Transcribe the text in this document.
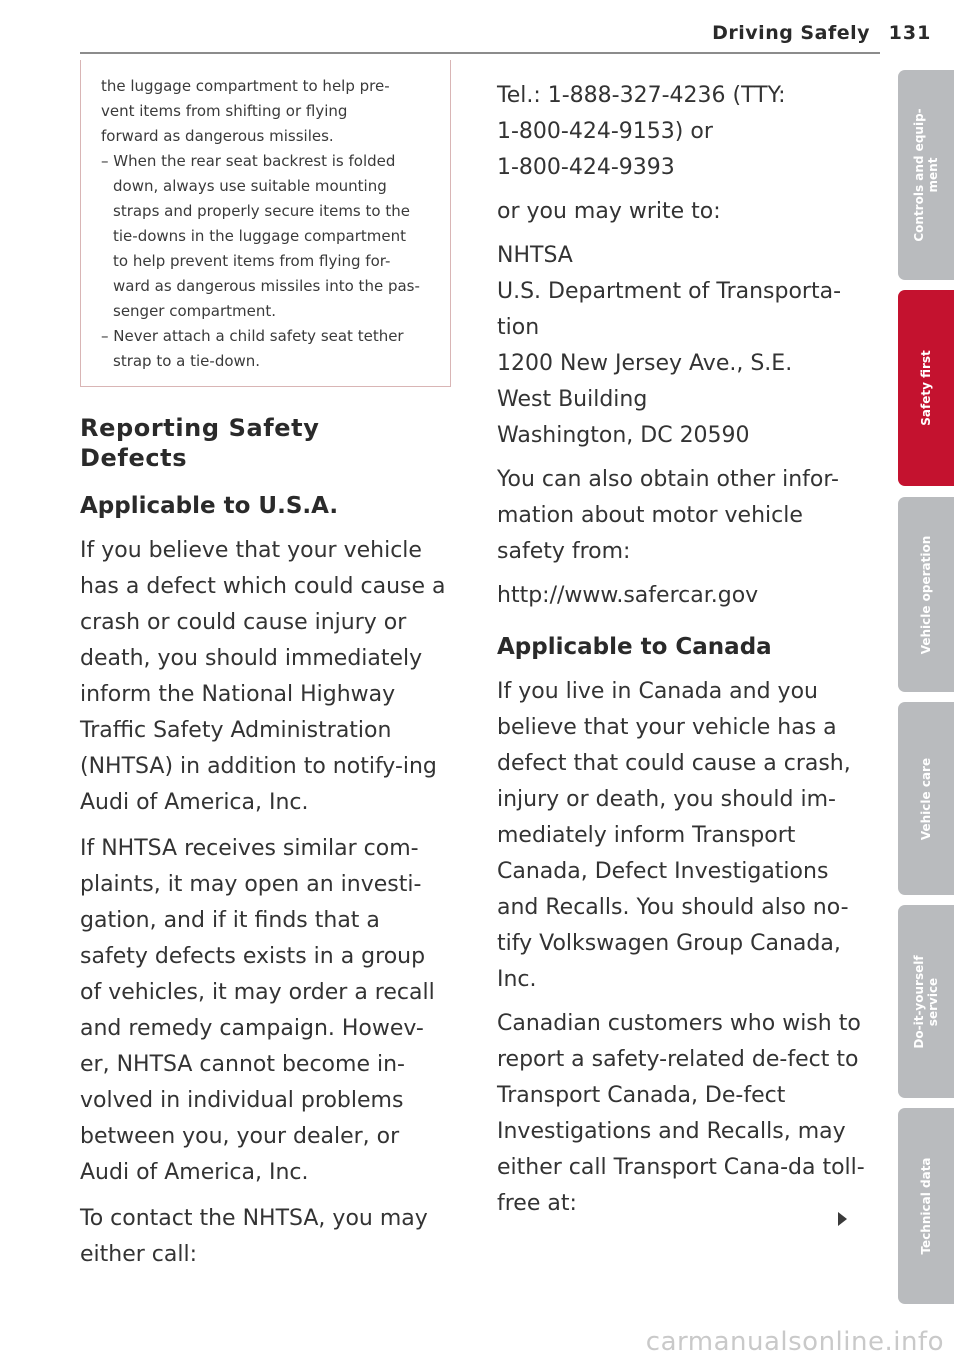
Driving Safely 131
the luggage compartment to help pre-
vent items from shifting or flying
forward as dangerous missiles.
– When the rear seat backrest is folded
down, always use suitable mounting
straps and properly secure items to the
tie-downs in the luggage compartment
to help prevent items from flying for-
ward as dangerous missiles into the pas-
senger compartment.
– Never attach a child safety seat tether
strap to a tie-down.
Reporting Safety
Defects
Applicable to U.S.A.

If you believe that your vehicle has a defect which could cause a crash or could cause injury or death, you should immediately inform the National Highway Traffic Safety Administration (NHTSA) in addition to notify-ing Audi of America, Inc.

If NHTSA receives similar com-plaints, it may open an investi-gation, and if it finds that a safety defects exists in a group of vehicles, it may order a recall and remedy campaign. Howev-er, NHTSA cannot become in-volved in individual problems between you, your dealer, or Audi of America, Inc.

To contact the NHTSA, you may either call:

Tel.: 1-888-327-4236 (TTY:
1-800-424-9153) or
1-800-424-9393

or you may write to:

NHTSA
U.S. Department of Transporta-
tion
1200 New Jersey Ave., S.E.
West Building
Washington, DC 20590

You can also obtain other infor-mation about motor vehicle safety from:

http://www.safercar.gov

Applicable to Canada

If you live in Canada and you believe that your vehicle has a defect that could cause a crash, injury or death, you should im-mediately inform Transport Canada, Defect Investigations and Recalls. You should also no-tify Volkswagen Group Canada, Inc.

Canadian customers who wish to report a safety-related de-fect to Transport Canada, De-fect Investigations and Recalls, may either call Transport Cana-da toll-free at:

Controls and equip-
ment
Safety first
Vehicle operation
Vehicle care
Do-it-yourself
service
Technical data
carmanualsonline.info
